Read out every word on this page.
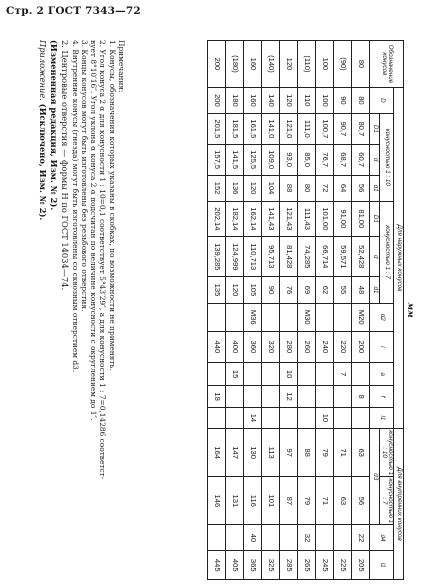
Стр. 2 ГОСТ 7343—72
мм
Обозначение конусов	Для наружных конусов												Для внутренних конусов			
	D	конусностью 1 : 10			конусностью 1 : 7			d2	l	a	f	l1	конусностью 1 : 10	конусностью 1 : 7	d4	l1
		D1	d	d1	D1	d	d1						d3			

80	80	80,7	60,7	56	81,00	52,428	48	M20	200		8		63	56	22	205
(90)	90	90,7	68,7	64	91,00	59,571	55		220	7			71	63		225
100	100	100,7	76,7	72	101,00	66,714	62		240			10	79	71		245
(110)	110	111,0	85,0	80	111,43	74,285	69	M30	260				88	79	32	265
120	120	121,0	93,0	88	121,43	81,428	76		280	10	12		97	87		285
(140)	140	141,0	109,0	104	141,43	95,713	90		320				113	101		325
160	160	161,5	125,5	120	162,14	110,713	105	M36	360			14	130	116	40	365
(180)	180	181,5	141,5	136	182,14	124,999	120		400	15			147	131		405
200	200	201,5	157,5	152	202,14	139,285	135		440		18		164	146		445

Примечания:

1. Конусы, обозначения которых указаны в скобках, по возможности не применять.

2. Угол конуса 2 α для конусности 1 : 10=0,1 соответствует 5°43′29″, а для конусности 1 : 7=0,14286 соответст-

вует 8°10′16″. Угол уклона α конуса 2 α подсчитан по величине конусности с округлением до 1″.

3. Концы конусов могут быть изготовлены без резьбового отверстия.

4. Внутренние конусы (гнезда) могут быть изготовлены со сквозным отверстием d3.

2. Центровые отверстия — формы Н по ГОСТ 14034—74.

(Измененная редакция, Изм. № 2).

Приложение. (Исключено, Изм. № 2).
